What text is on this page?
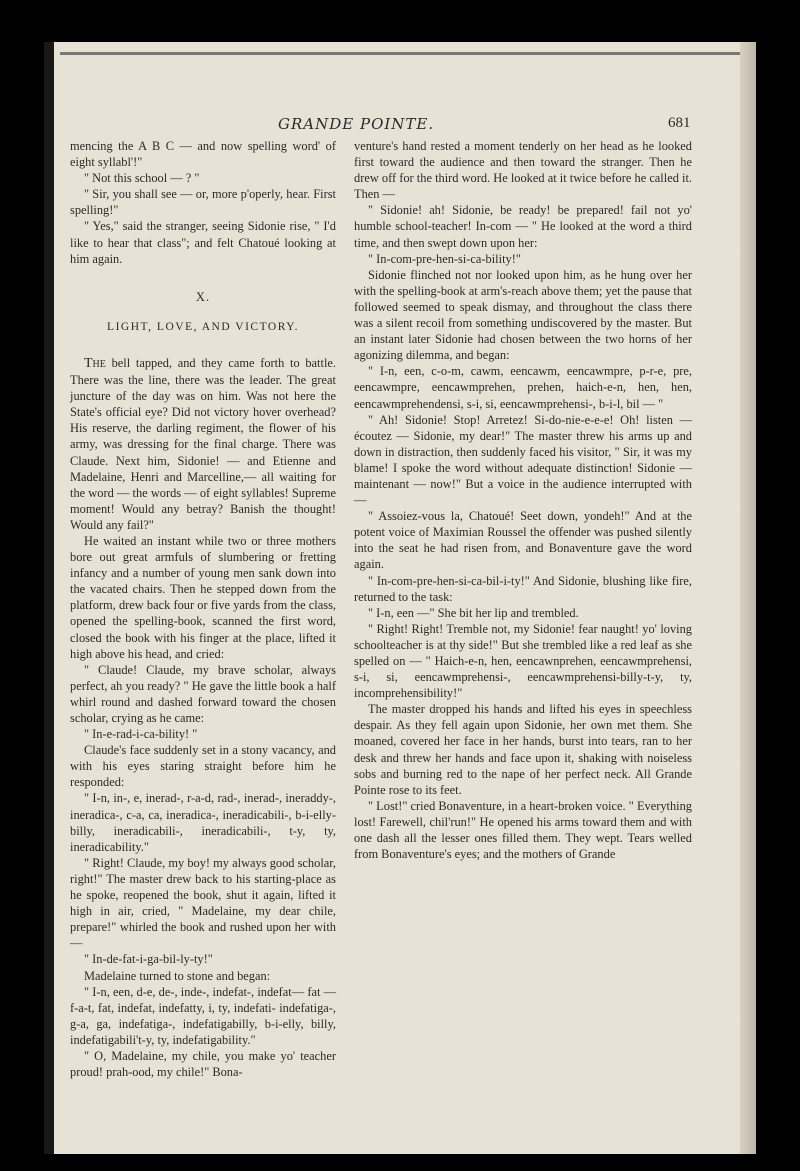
GRANDE POINTE.	681

mencing the A B C — and now spelling word' of eight syllabl'!"

" Not this school — ? "

" Sir, you shall see — or, more p'operly, hear. First spelling!"

" Yes," said the stranger, seeing Sidonie rise, " I'd like to hear that class"; and felt Chatoué looking at him again.

X.
LIGHT, LOVE, AND VICTORY.

The bell tapped, and they came forth to battle. There was the line, there was the leader. The great juncture of the day was on him. Was not here the State's official eye? Did not victory hover overhead? His reserve, the darling regiment, the flower of his army, was dressing for the final charge. There was Claude. Next him, Sidonie! — and Etienne and Madelaine, Henri and Marcelline,— all waiting for the word — the words — of eight syllables! Supreme moment! Would any betray? Banish the thought! Would any fail?"

He waited an instant while two or three mothers bore out great armfuls of slumbering or fretting infancy and a number of young men sank down into the vacated chairs. Then he stepped down from the platform, drew back four or five yards from the class, opened the spelling-book, scanned the first word, closed the book with his finger at the place, lifted it high above his head, and cried:

" Claude! Claude, my brave scholar, always perfect, ah you ready? " He gave the little book a half whirl round and dashed forward toward the chosen scholar, crying as he came:

" In-e-rad-i-ca-bility! "

Claude's face suddenly set in a stony vacancy, and with his eyes staring straight before him he responded:

" I-n, in-, e, inerad-, r-a-d, rad-, inerad-, ineraddy-, ineradica-, c-a, ca, ineradica-, ineradicabili-, b-i-elly-billy, ineradicabili-, ineradicabili-, t-y, ty, ineradicability."

" Right! Claude, my boy! my always good scholar, right!" The master drew back to his starting-place as he spoke, reopened the book, shut it again, lifted it high in air, cried, " Madelaine, my dear chile, prepare!" whirled the book and rushed upon her with —

" In-de-fat-i-ga-bil-ly-ty!"

Madelaine turned to stone and began:

" I-n, een, d-e, de-, inde-, indefat-, indefat— fat — f-a-t, fat, indefat, indefatty, i, ty, indefati- indefatiga-, g-a, ga, indefatiga-, indefatigabilly, b-i-elly, billy, indefatigabili't-y, ty, indefatigability."

" O, Madelaine, my chile, you make yo' teacher proud! prah-ood, my chile!" Bona-

venture's hand rested a moment tenderly on her head as he looked first toward the audience and then toward the stranger. Then he drew off for the third word. He looked at it twice before he called it. Then —

" Sidonie! ah! Sidonie, be ready! be prepared! fail not yo' humble school-teacher! In-com — " He looked at the word a third time, and then swept down upon her:

" In-com-pre-hen-si-ca-bility!"

Sidonie flinched not nor looked upon him, as he hung over her with the spelling-book at arm's-reach above them; yet the pause that followed seemed to speak dismay, and throughout the class there was a silent recoil from something undiscovered by the master. But an instant later Sidonie had chosen between the two horns of her agonizing dilemma, and began:

" I-n, een, c-o-m, cawm, eencawm, eencawmpre, p-r-e, pre, eencawmpre, eencawmprehen, prehen, haich-e-n, hen, hen, eencawmprehendensi, s-i, si, eencawmprehensi-, b-i-l, bil — "

" Ah! Sidonie! Stop! Arretez! Si-do-nie-e-e-e! Oh! listen — écoutez — Sidonie, my dear!" The master threw his arms up and down in distraction, then suddenly faced his visitor, " Sir, it was my blame! I spoke the word without adequate distinction! Sidonie — maintenant — now!" But a voice in the audience interrupted with —

" Assoiez-vous la, Chatoué! Seet down, yondeh!" And at the potent voice of Maximian Roussel the offender was pushed silently into the seat he had risen from, and Bonaventure gave the word again.

" In-com-pre-hen-si-ca-bil-i-ty!" And Sidonie, blushing like fire, returned to the task:

" I-n, een —" She bit her lip and trembled.

" Right! Right! Tremble not, my Sidonie! fear naught! yo' loving schoolteacher is at thy side!" But she trembled like a red leaf as she spelled on — " Haich-e-n, hen, eencawnprehen, eencawmprehensi, s-i, si, eencawmprehensi-, eencawmprehensi-billy-t-y, ty, incomprehensibility!"

The master dropped his hands and lifted his eyes in speechless despair. As they fell again upon Sidonie, her own met them. She moaned, covered her face in her hands, burst into tears, ran to her desk and threw her hands and face upon it, shaking with noiseless sobs and burning red to the nape of her perfect neck. All Grande Pointe rose to its feet.

" Lost!" cried Bonaventure, in a heart-broken voice. " Everything lost! Farewell, chil'run!" He opened his arms toward them and with one dash all the lesser ones filled them. They wept. Tears welled from Bonaventure's eyes; and the mothers of Grande
